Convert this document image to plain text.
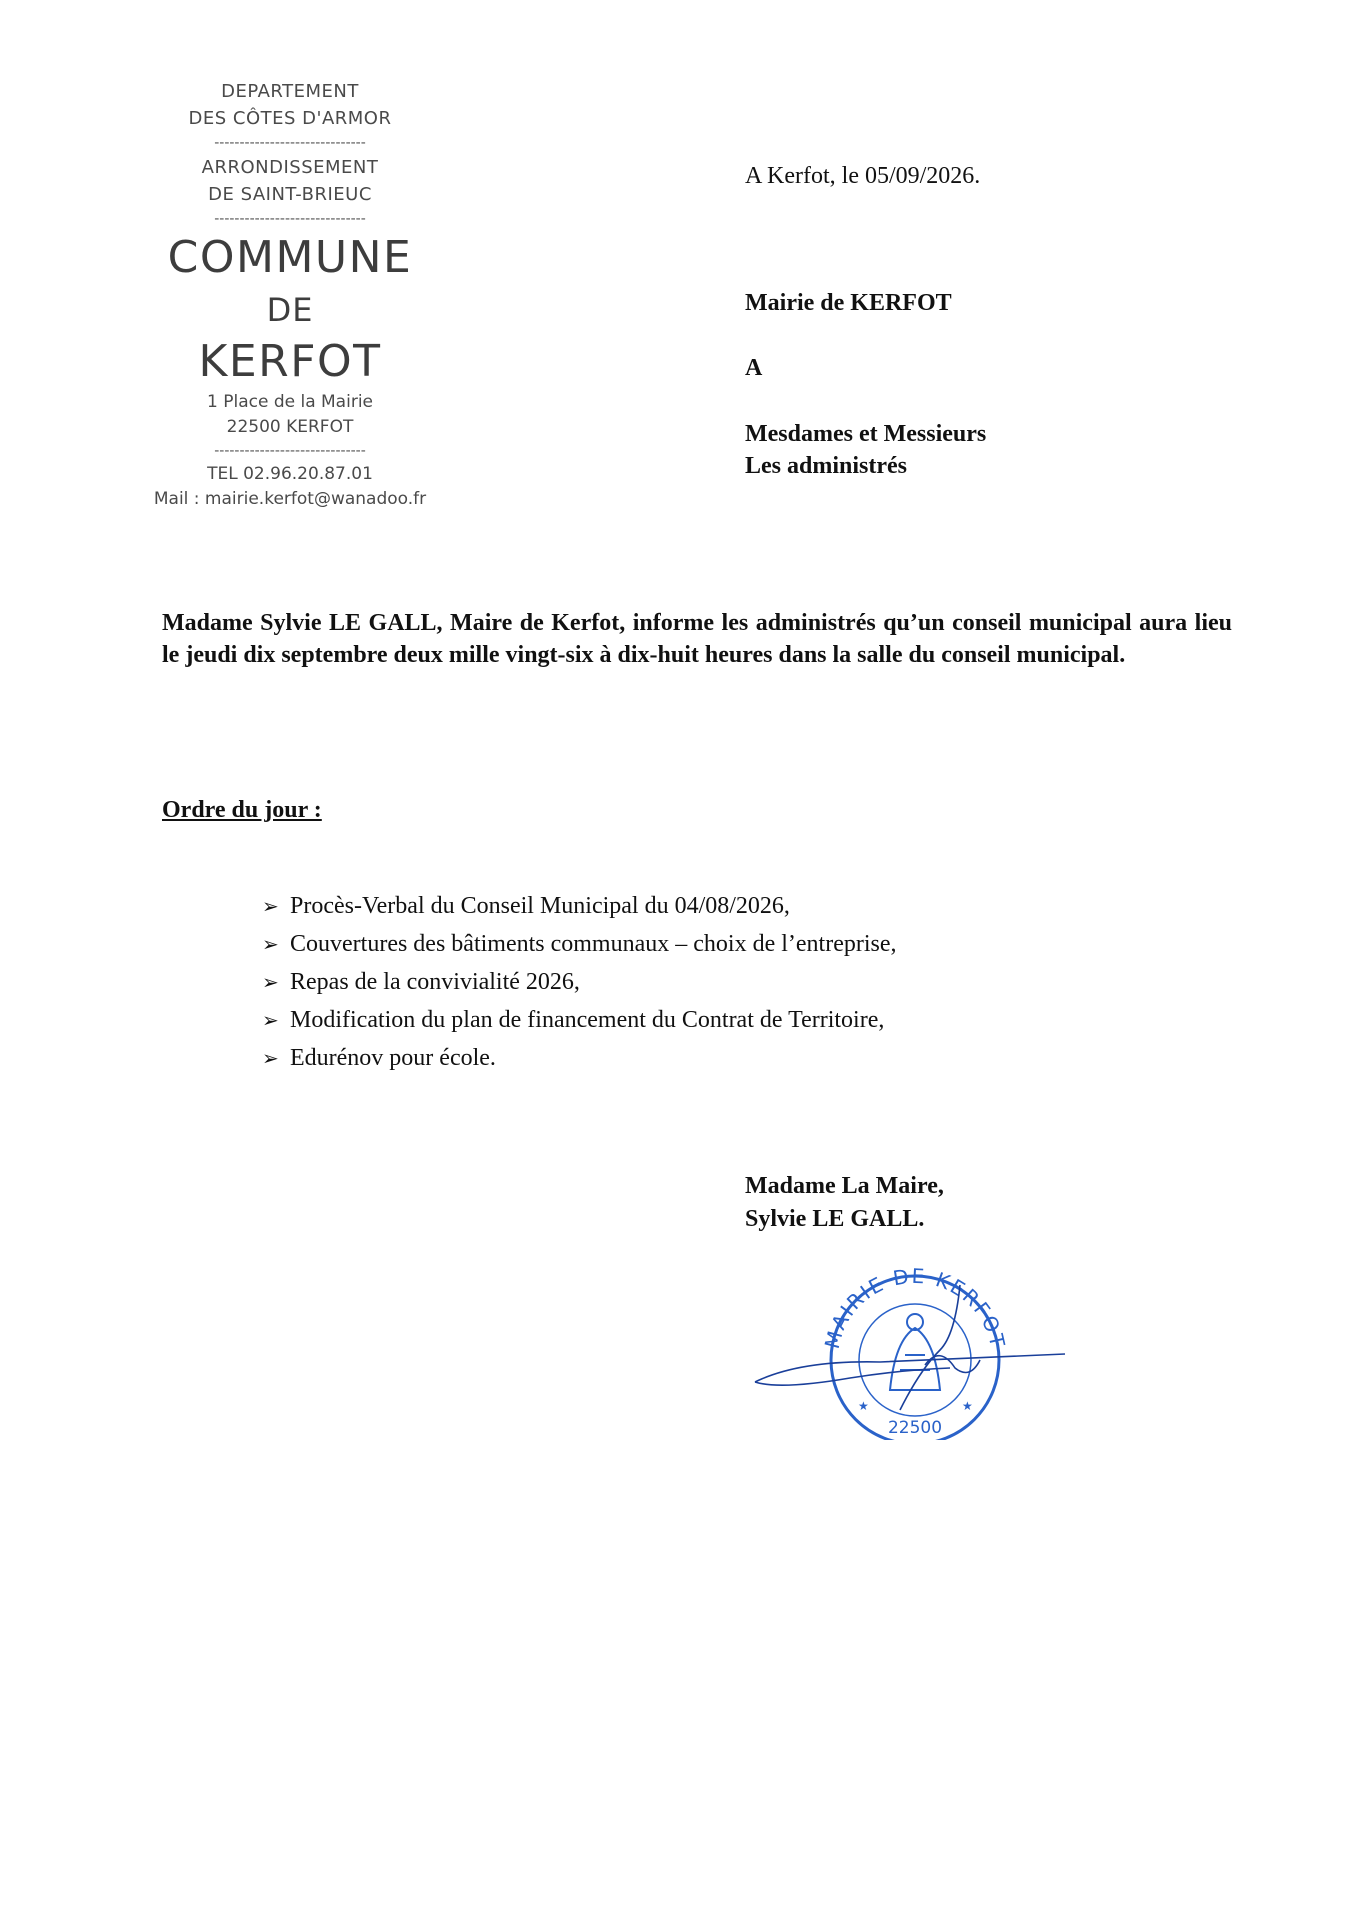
DEPARTEMENT
DES CÔTES D'ARMOR
------------------------------
ARRONDISSEMENT
DE SAINT-BRIEUC
------------------------------
COMMUNE
DE
KERFOT
1 Place de la Mairie
22500 KERFOT
------------------------------
TEL 02.96.20.87.01
Mail : mairie.kerfot@wanadoo.fr
A Kerfot, le 05/09/2026.
Mairie de KERFOT
A
Mesdames et Messieurs
Les administrés
Madame Sylvie LE GALL, Maire de Kerfot, informe les administrés qu’un conseil municipal aura lieu le jeudi dix septembre deux mille vingt-six à dix-huit heures dans la salle du conseil municipal.
Ordre du jour :
➢ Procès-Verbal du Conseil Municipal du 04/08/2026,
➢ Couvertures des bâtiments communaux – choix de l’entreprise,
➢ Repas de la convivialité 2026,
➢ Modification du plan de financement du Contrat de Territoire,
➢ Edurénov pour école.
Madame La Maire,
Sylvie LE GALL.
MAIRIE DE KERFOT
22500
★	★
